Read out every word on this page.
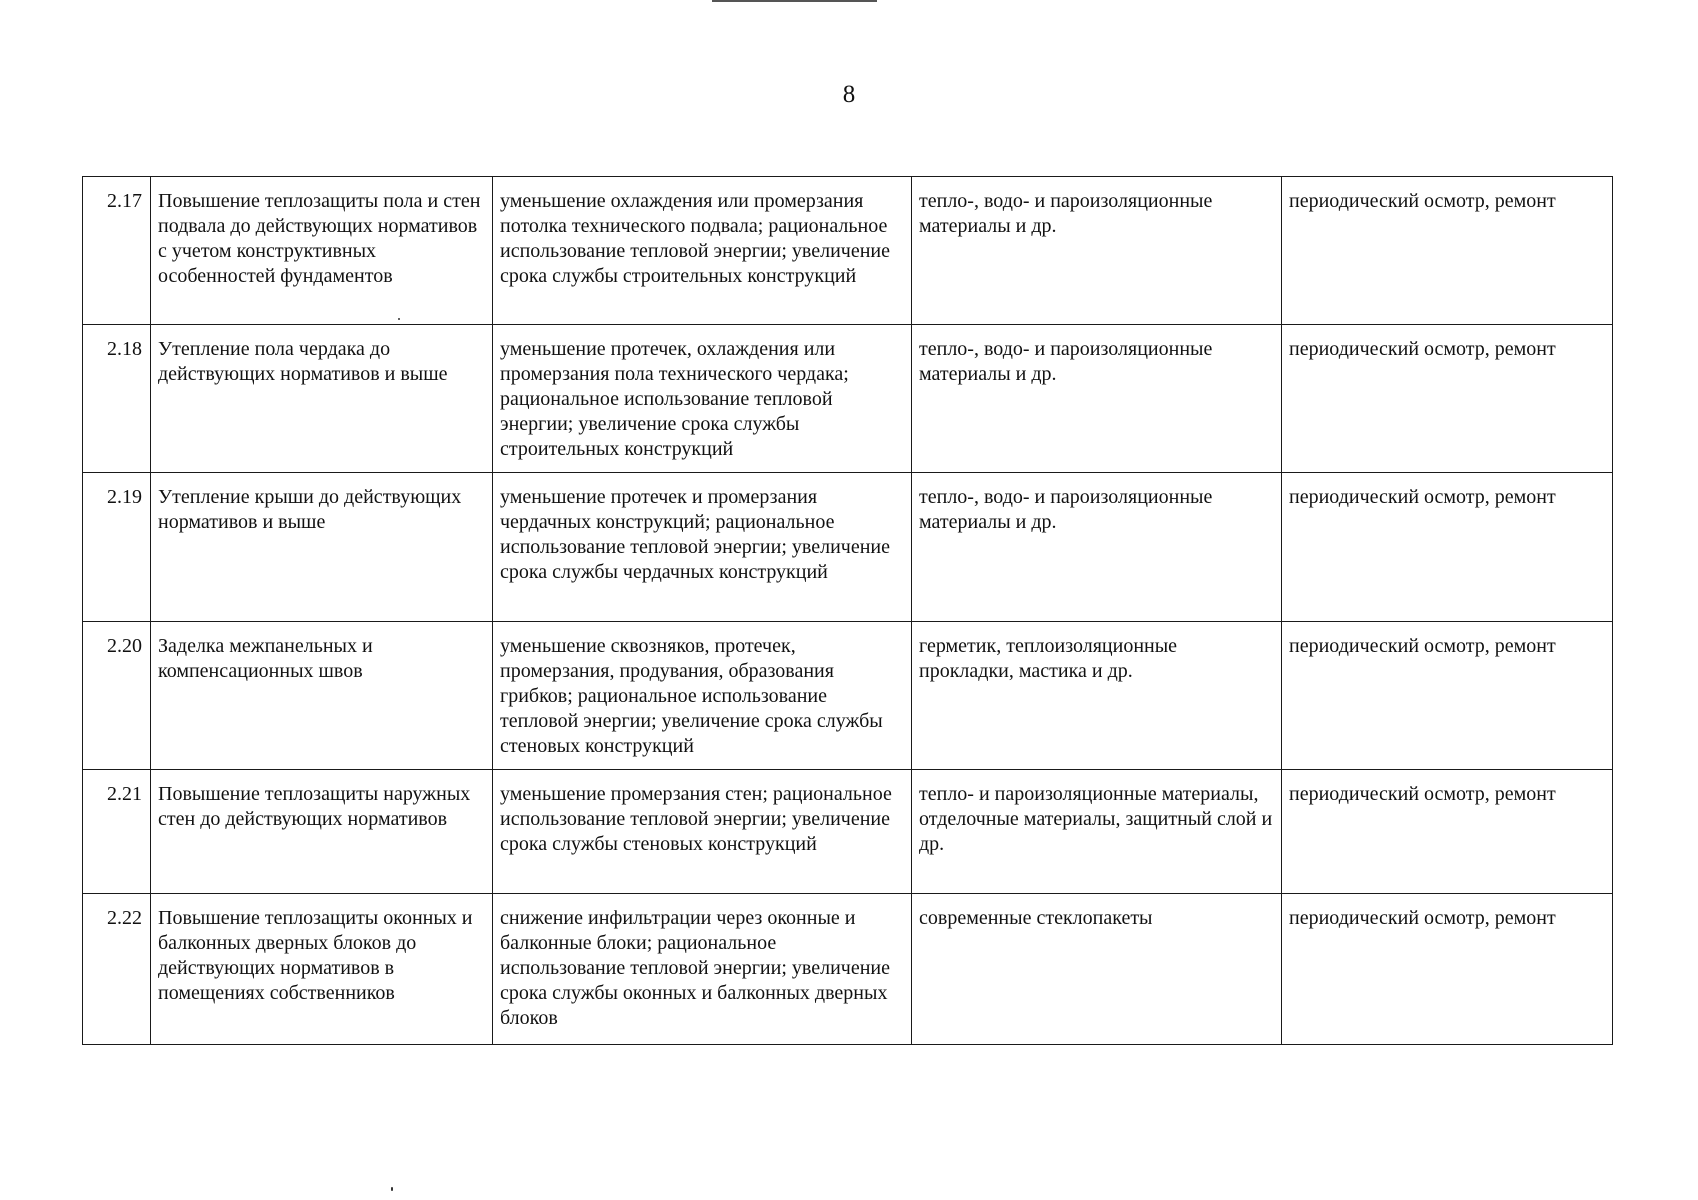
8
2.17	Повышение теплозащиты пола и стен подвала до действующих нормативов с учетом конструктивных особенностей фундаментов	уменьшение охлаждения или промерзания потолка технического подвала; рациональное использование тепловой энергии; увеличение срока службы строительных конструкций	тепло-, водо- и пароизоляционные материалы и др.	периодический осмотр, ремонт
2.18	Утепление пола чердака до действующих нормативов и выше	уменьшение протечек, охлаждения или промерзания пола технического чердака; рациональное использование тепловой энергии; увеличение срока службы строительных конструкций	тепло-, водо- и пароизоляционные материалы и др.	периодический осмотр, ремонт
2.19	Утепление крыши до действующих нормативов и выше	уменьшение протечек и промерзания чердачных конструкций; рациональное использование тепловой энергии; увеличение срока службы чердачных конструкций	тепло-, водо- и пароизоляционные материалы и др.	периодический осмотр, ремонт
2.20	Заделка межпанельных и компенсационных швов	уменьшение сквозняков, протечек, промерзания, продувания, образования грибков; рациональное использование тепловой энергии; увеличение срока службы стеновых конструкций	герметик, теплоизоляционные прокладки, мастика и др.	периодический осмотр, ремонт
2.21	Повышение теплозащиты наружных стен до действующих нормативов	уменьшение промерзания стен; рациональное использование тепловой энергии; увеличение срока службы стеновых конструкций	тепло- и пароизоляционные материалы, отделочные материалы, защитный слой и др.	периодический осмотр, ремонт
2.22	Повышение теплозащиты оконных и балконных дверных блоков до действующих нормативов в помещениях собственников	снижение инфильтрации через оконные и балконные блоки; рациональное использование тепловой энергии; увеличение срока службы оконных и балконных дверных блоков	современные стеклопакеты	периодический осмотр, ремонт
